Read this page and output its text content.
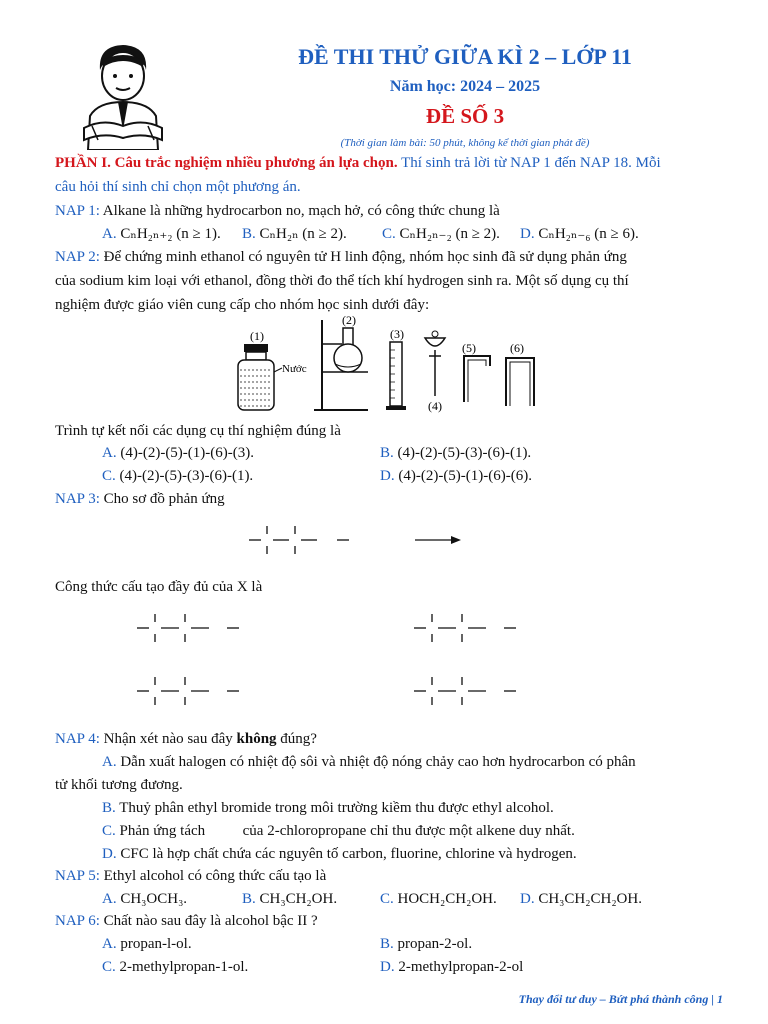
ĐỀ THI THỬ GIỮA KÌ 2 – LỚP 11
Năm học: 2024 – 2025
ĐỀ SỐ 3
(Thời gian làm bài: 50 phút, không kể thời gian phát đề)
PHẦN I. Câu trắc nghiệm nhiều phương án lựa chọn. Thí sinh trả lời từ NAP 1 đến NAP 18. Mỗi
câu hỏi thí sinh chỉ chọn một phương án.
NAP 1: Alkane là những hydrocarbon no, mạch hở, có công thức chung là
A. CₙH₂ₙ₊₂ (n ≥ 1). B. CₙH₂ₙ (n ≥ 2). C. CₙH₂ₙ₋₂ (n ≥ 2). D. CₙH₂ₙ₋₆ (n ≥ 6).
NAP 2: Để chứng minh ethanol có nguyên tử H linh động, nhóm học sinh đã sử dụng phản ứng
của sodium kim loại với ethanol, đồng thời đo thể tích khí hydrogen sinh ra. Một số dụng cụ thí
nghiệm được giáo viên cung cấp cho nhóm học sinh dưới đây:
(1)
Nước
(2)
(3)
(4)
(5)	(6)
Trình tự kết nối các dụng cụ thí nghiệm đúng là
A. (4)-(2)-(5)-(1)-(6)-(3).	B. (4)-(2)-(5)-(3)-(6)-(1).
C. (4)-(2)-(5)-(3)-(6)-(1).	D. (4)-(2)-(5)-(1)-(6)-(6).
NAP 3: Cho sơ đồ phản ứng
Công thức cấu tạo đầy đủ của X là
NAP 4: Nhận xét nào sau đây không đúng?
A. Dẫn xuất halogen có nhiệt độ sôi và nhiệt độ nóng chảy cao hơn hydrocarbon có phân
tử khối tương đương.
B. Thuỷ phân ethyl bromide trong môi trường kiềm thu được ethyl alcohol.
C. Phản ứng tách          của 2-chloropropane chỉ thu được một alkene duy nhất.
D. CFC là hợp chất chứa các nguyên tố carbon, fluorine, chlorine và hydrogen.
NAP 5: Ethyl alcohol có công thức cấu tạo là
A. CH₃OCH₃.	B. CH₃CH₂OH.	C. HOCH₂CH₂OH. D. CH₃CH₂CH₂OH.
NAP 6: Chất nào sau đây là alcohol bậc II ?
A. propan-l-ol.	B. propan-2-ol.
C. 2-methylpropan-1-ol.	D. 2-methylpropan-2-ol
Thay đổi tư duy – Bứt phá thành công | 1
